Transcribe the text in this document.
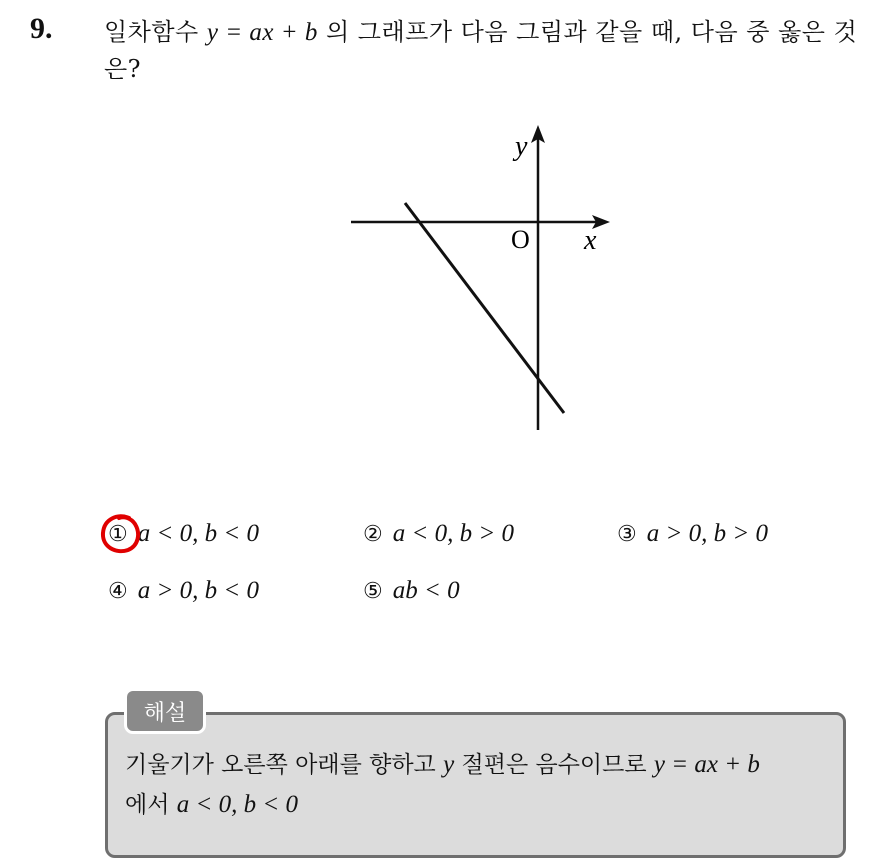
9. 일차함수 y = ax + b 의 그래프가 다음 그림과 같을 때, 다음 중 옳은 것은?
y
x
O
① a < 0, b < 0	② a < 0, b > 0	③ a > 0, b > 0
④ a > 0, b < 0	⑤ ab < 0
해설
기울기가 오른쪽 아래를 향하고 y 절편은 음수이므로 y = ax + b
에서 a < 0, b < 0
